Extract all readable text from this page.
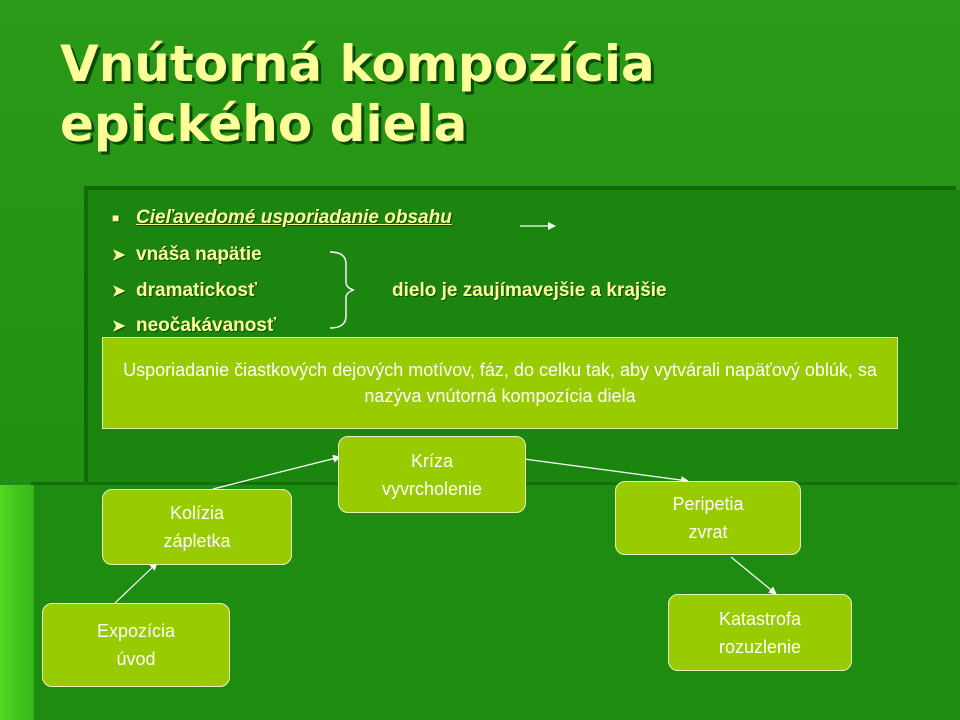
Vnútorná kompozícia epického diela
■ Cieľavedomé usporiadanie obsahu
➤ vnáša napätie
➤ dramatickosť
➤ neočakávanosť
dielo je zaujímavejšie a krajšie

Usporiadanie čiastkových dejových motívov, fáz, do celku tak, aby vytvárali napäťový oblúk, sa nazýva vnútorná kompozícia diela

Expozícia
úvod
Kolízia
zápletka
Kríza
vyvrcholenie
Peripetia
zvrat
Katastrofa
rozuzlenie
